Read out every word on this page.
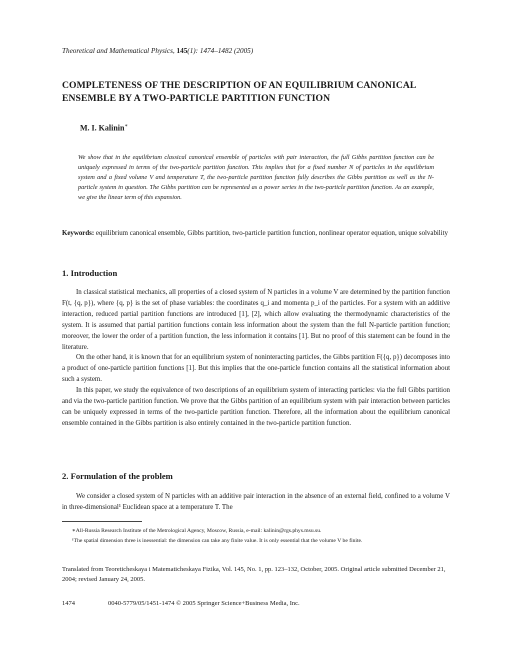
Theoretical and Mathematical Physics, 145(1): 1474–1482 (2005)
COMPLETENESS OF THE DESCRIPTION OF AN EQUILIBRIUM CANONICAL ENSEMBLE BY A TWO-PARTICLE PARTITION FUNCTION
M. I. Kalinin∗
We show that in the equilibrium classical canonical ensemble of particles with pair interaction, the full Gibbs partition function can be uniquely expressed in terms of the two-particle partition function. This implies that for a fixed number N of particles in the equilibrium system and a fixed volume V and temperature T, the two-particle partition function fully describes the Gibbs partition as well as the N-particle system in question. The Gibbs partition can be represented as a power series in the two-particle partition function. As an example, we give the linear term of this expansion.
Keywords: equilibrium canonical ensemble, Gibbs partition, two-particle partition function, nonlinear operator equation, unique solvability
1. Introduction

In classical statistical mechanics, all properties of a closed system of N particles in a volume V are determined by the partition function F(t, {q, p}), where {q, p} is the set of phase variables: the coordinates q_i and momenta p_i of the particles. For a system with an additive interaction, reduced partial partition functions are introduced [1], [2], which allow evaluating the thermodynamic characteristics of the system. It is assumed that partial partition functions contain less information about the system than the full N-particle partition function; moreover, the lower the order of a partition function, the less information it contains [1]. But no proof of this statement can be found in the literature.

On the other hand, it is known that for an equilibrium system of noninteracting particles, the Gibbs partition F({q, p}) decomposes into a product of one-particle partition functions [1]. But this implies that the one-particle function contains all the statistical information about such a system.

In this paper, we study the equivalence of two descriptions of an equilibrium system of interacting particles: via the full Gibbs partition and via the two-particle partition function. We prove that the Gibbs partition of an equilibrium system with pair interaction between particles can be uniquely expressed in terms of the two-particle partition function. Therefore, all the information about the equilibrium canonical ensemble contained in the Gibbs partition is also entirely contained in the two-particle partition function.

2. Formulation of the problem

We consider a closed system of N particles with an additive pair interaction in the absence of an external field, confined to a volume V in three-dimensional¹ Euclidean space at a temperature T. The

∗All-Russia Research Institute of the Metrological Agency, Moscow, Russia, e-mail: kalinin@rgs.phys.msu.su.

¹The spatial dimension three is inessential: the dimension can take any finite value. It is only essential that the volume V be finite.

Translated from Teoreticheskaya i Matematicheskaya Fizika, Vol. 145, No. 1, pp. 123–132, October, 2005. Original article submitted December 21, 2004; revised January 24, 2005.
1474	0040-5779/05/1451-1474 © 2005 Springer Science+Business Media, Inc.
